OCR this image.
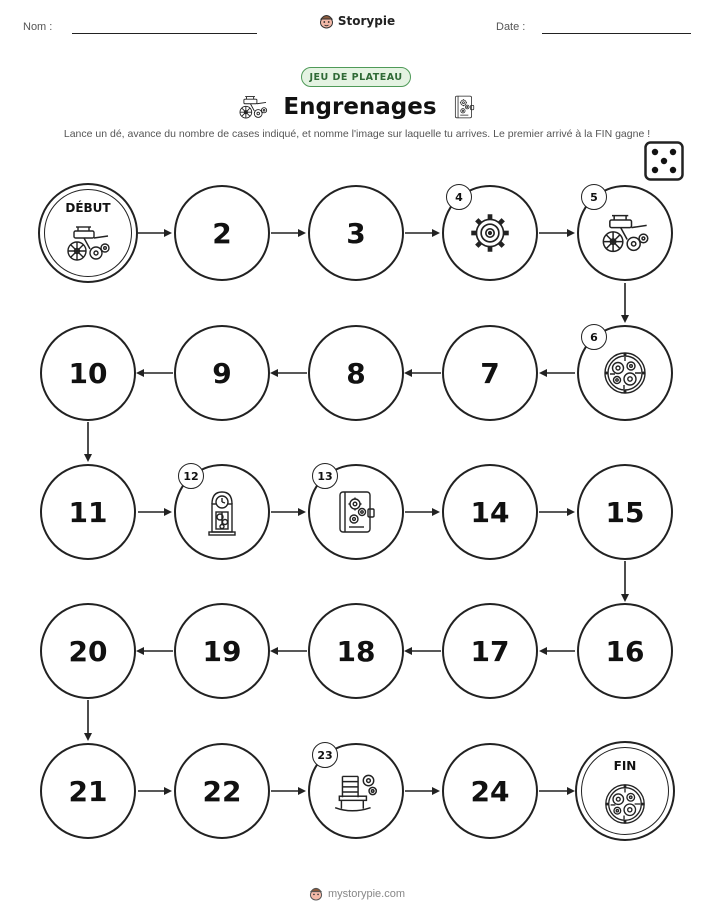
Nom :	Storypie	Date :
JEU DE PLATEAU
Engrenages
Lance un dé, avance du nombre de cases indiqué, et nomme l'image sur laquelle tu arrives. Le premier arrivé à la FIN gagne !
DÉBUT
2	3
4	5
6
7
8
9
10
11
12	13
14	15
16
17
18
19
20
21	22
23
24
FIN
mystorypie.com
